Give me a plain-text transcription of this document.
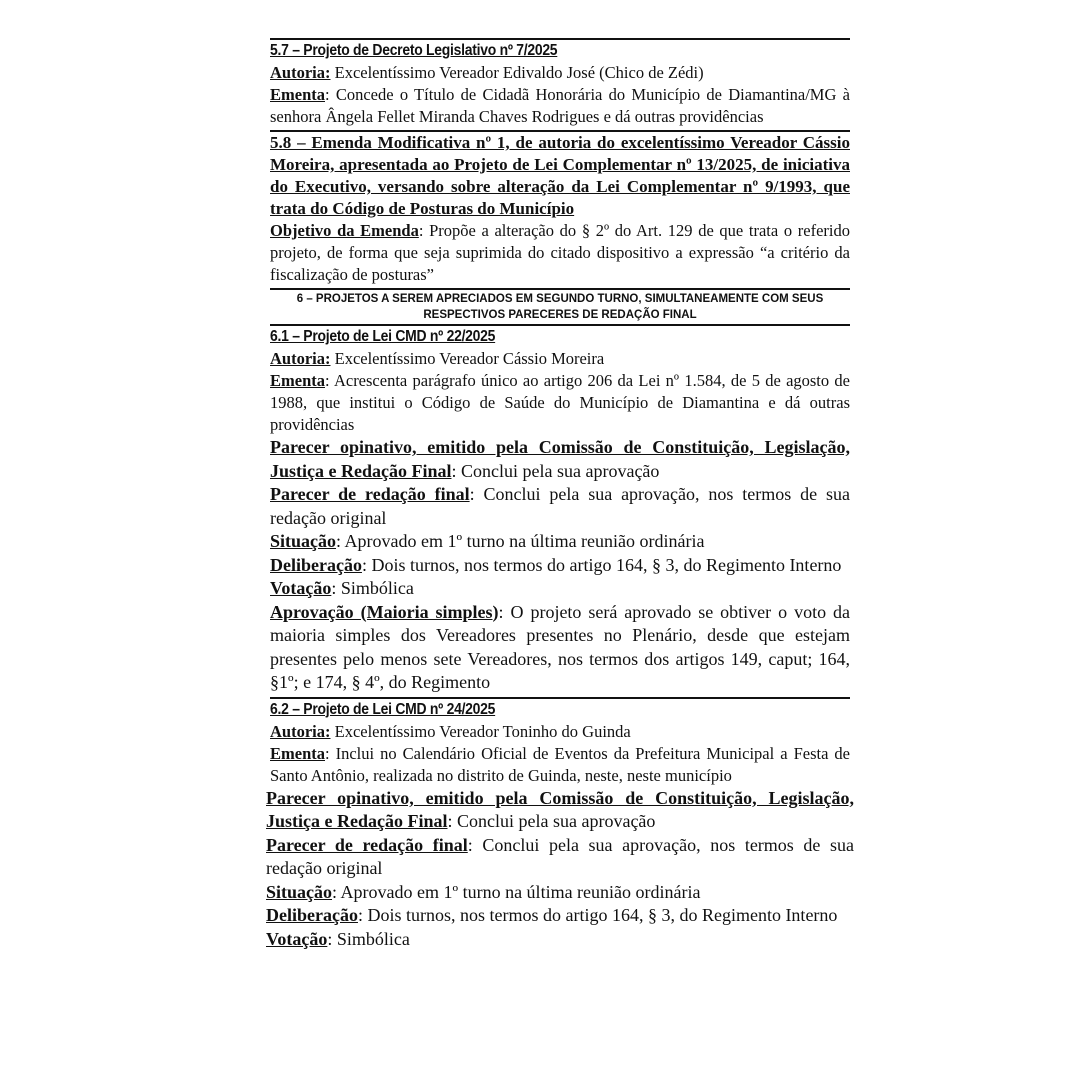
5.7 – Projeto de Decreto Legislativo nº 7/2025

Autoria: Excelentíssimo Vereador Edivaldo José (Chico de Zédi)

Ementa: Concede o Título de Cidadã Honorária do Município de Diamantina/MG à senhora Ângela Fellet Miranda Chaves Rodrigues e dá outras providências

5.8 – Emenda Modificativa nº 1, de autoria do excelentíssimo Vereador Cássio Moreira, apresentada ao Projeto de Lei Complementar nº 13/2025, de iniciativa do Executivo, versando sobre alteração da Lei Complementar nº 9/1993, que trata do Código de Posturas do Município

Objetivo da Emenda: Propõe a alteração do § 2º do Art. 129 de que trata o referido projeto, de forma que seja suprimida do citado dispositivo a expressão “a critério da fiscalização de posturas”

6 – PROJETOS A SEREM APRECIADOS EM SEGUNDO TURNO, SIMULTANEAMENTE COM SEUS

RESPECTIVOS PARECERES DE REDAÇÃO FINAL

6.1 – Projeto de Lei CMD nº 22/2025

Autoria: Excelentíssimo Vereador Cássio Moreira

Ementa: Acrescenta parágrafo único ao artigo 206 da Lei nº 1.584, de 5 de agosto de 1988, que institui o Código de Saúde do Município de Diamantina e dá outras providências

Parecer opinativo, emitido pela Comissão de Constituição, Legislação, Justiça e Redação Final: Conclui pela sua aprovação

Parecer de redação final: Conclui pela sua aprovação, nos termos de sua redação original

Situação: Aprovado em 1º turno na última reunião ordinária

Deliberação: Dois turnos, nos termos do artigo 164, § 3, do Regimento Interno

Votação: Simbólica

Aprovação (Maioria simples): O projeto será aprovado se obtiver o voto da maioria simples dos Vereadores presentes no Plenário, desde que estejam presentes pelo menos sete Vereadores, nos termos dos artigos 149, caput; 164, §1º; e 174, § 4º, do Regimento

6.2 – Projeto de Lei CMD nº 24/2025

Autoria: Excelentíssimo Vereador Toninho do Guinda

Ementa: Inclui no Calendário Oficial de Eventos da Prefeitura Municipal a Festa de Santo Antônio, realizada no distrito de Guinda, neste, neste município

Parecer opinativo, emitido pela Comissão de Constituição, Legislação, Justiça e Redação Final: Conclui pela sua aprovação

Parecer de redação final: Conclui pela sua aprovação, nos termos de sua redação original

Situação: Aprovado em 1º turno na última reunião ordinária

Deliberação: Dois turnos, nos termos do artigo 164, § 3, do Regimento Interno

Votação: Simbólica
